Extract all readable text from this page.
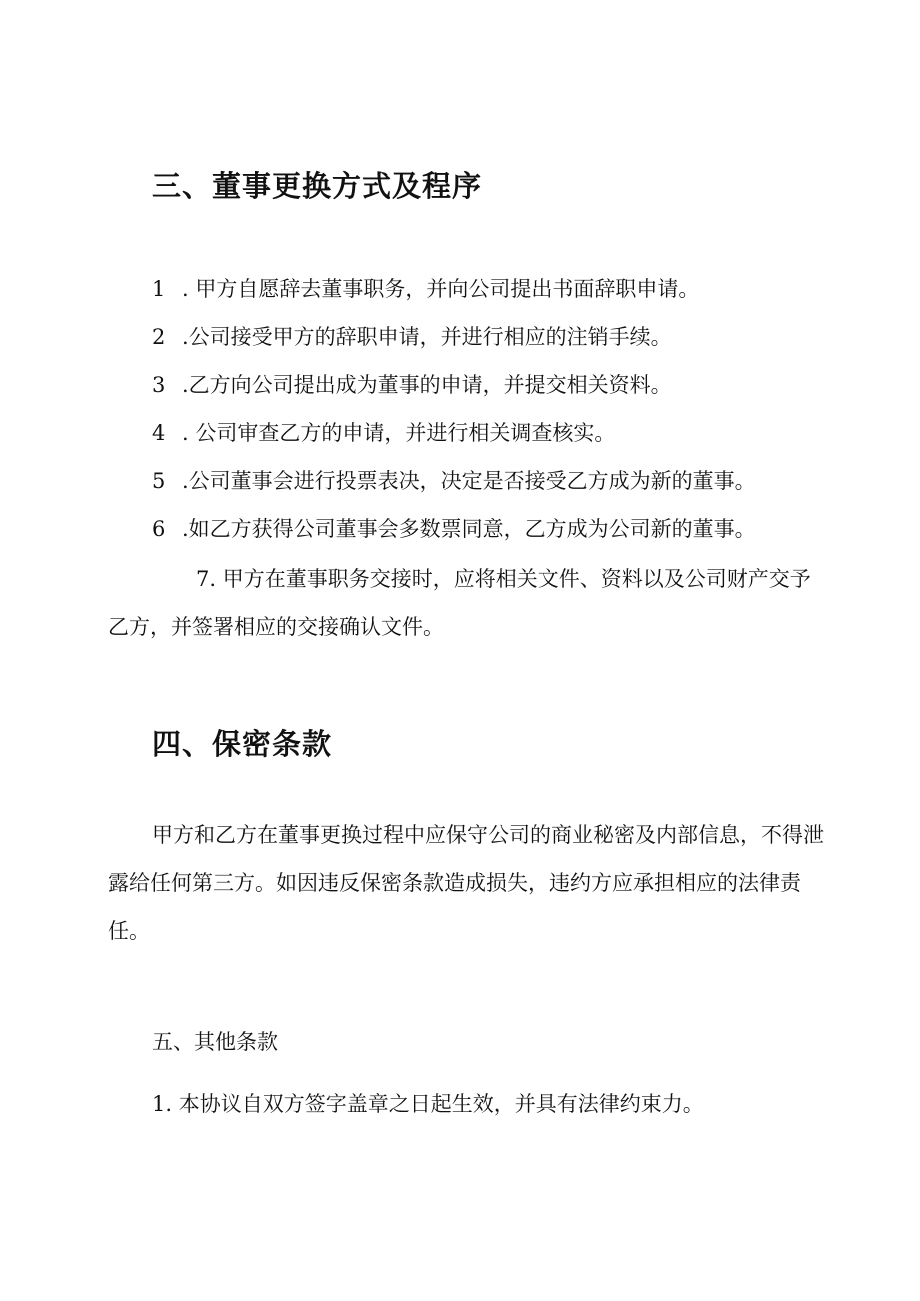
三、董事更换方式及程序

1 . 甲方自愿辞去董事职务，并向公司提出书面辞职申请。

2 .公司接受甲方的辞职申请，并进行相应的注销手续。

3 .乙方向公司提出成为董事的申请，并提交相关资料。

4 . 公司审查乙方的申请，并进行相关调查核实。

5 .公司董事会进行投票表决，决定是否接受乙方成为新的董事。

6 .如乙方获得公司董事会多数票同意，乙方成为公司新的董事。

7. 甲方在董事职务交接时，应将相关文件、资料以及公司财产交予乙方，并签署相应的交接确认文件。

四、保密条款

甲方和乙方在董事更换过程中应保守公司的商业秘密及内部信息，不得泄露给任何第三方。如因违反保密条款造成损失，违约方应承担相应的法律责任。

五、其他条款

1. 本协议自双方签字盖章之日起生效，并具有法律约束力。
